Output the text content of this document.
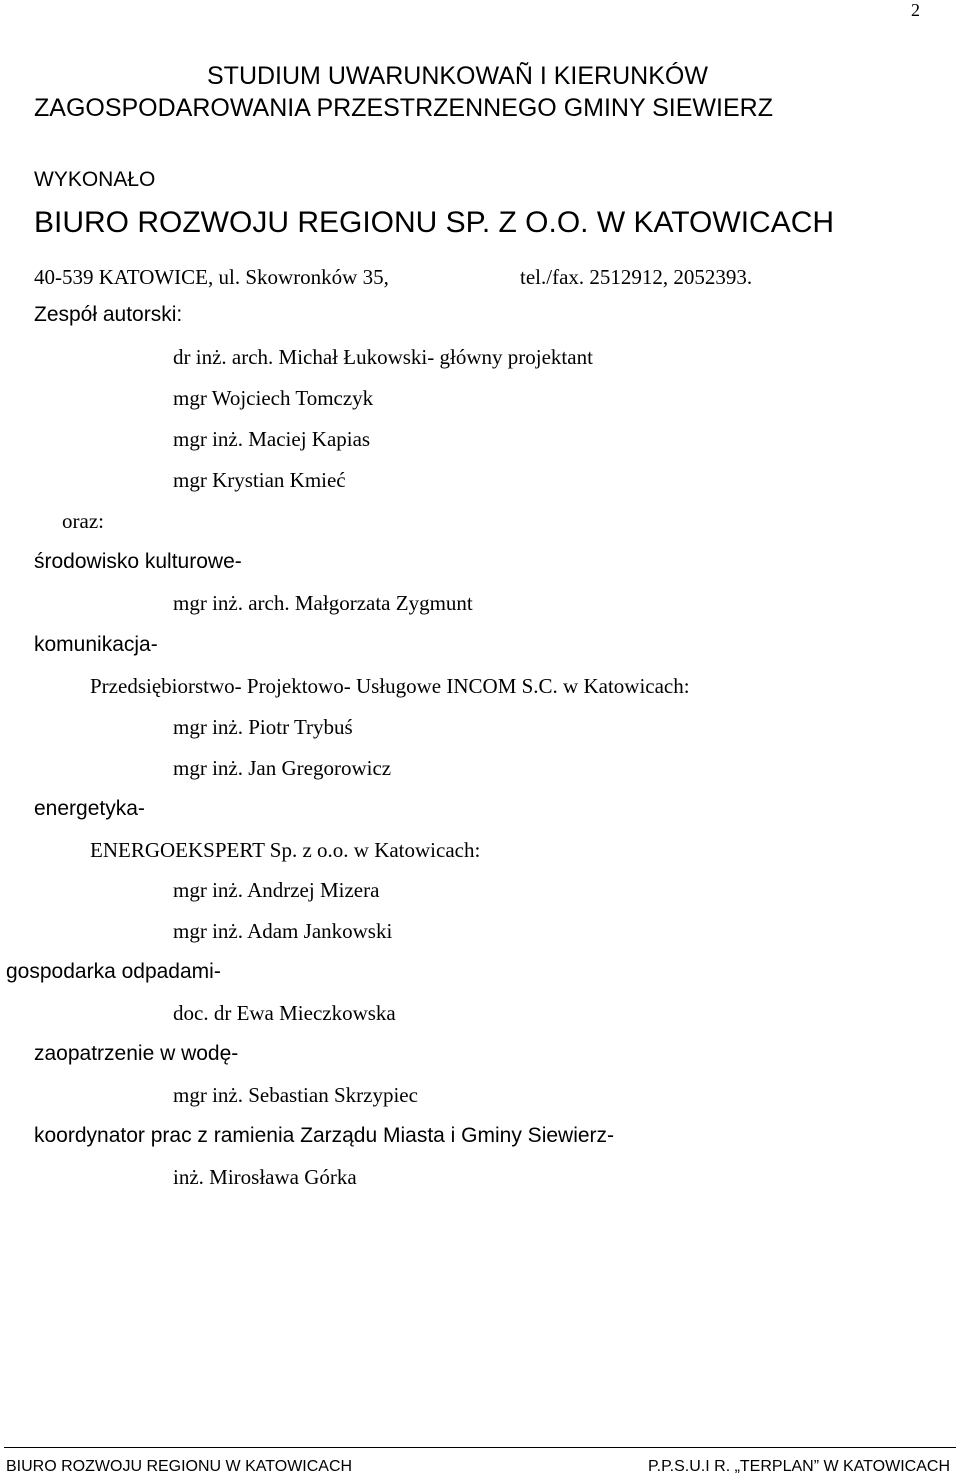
2
STUDIUM UWARUNKOWAÑ I KIERUNKÓW
ZAGOSPODAROWANIA PRZESTRZENNEGO GMINY SIEWIERZ
WYKONAŁO
BIURO ROZWOJU REGIONU SP. Z O.O. W KATOWICACH
40-539 KATOWICE, ul. Skowronków 35,	tel./fax. 2512912, 2052393.
Zespół autorski:
dr inż. arch. Michał Łukowski- główny projektant
mgr Wojciech Tomczyk
mgr inż. Maciej Kapias
mgr Krystian Kmieć
oraz:
środowisko kulturowe-
mgr inż. arch. Małgorzata Zygmunt
komunikacja-
Przedsiębiorstwo- Projektowo- Usługowe INCOM S.C. w Katowicach:
mgr inż. Piotr Trybuś
mgr inż. Jan Gregorowicz
energetyka-
ENERGOEKSPERT Sp. z o.o. w Katowicach:
mgr inż. Andrzej Mizera
mgr inż. Adam Jankowski
gospodarka odpadami-
doc. dr Ewa Mieczkowska
zaopatrzenie w wodę-
mgr inż. Sebastian Skrzypiec
koordynator prac z ramienia Zarządu Miasta i Gminy Siewierz-
inż. Mirosława Górka
BIURO ROZWOJU REGIONU W KATOWICACH	P.P.S.U.I R. „TERPLAN” W KATOWICACH
